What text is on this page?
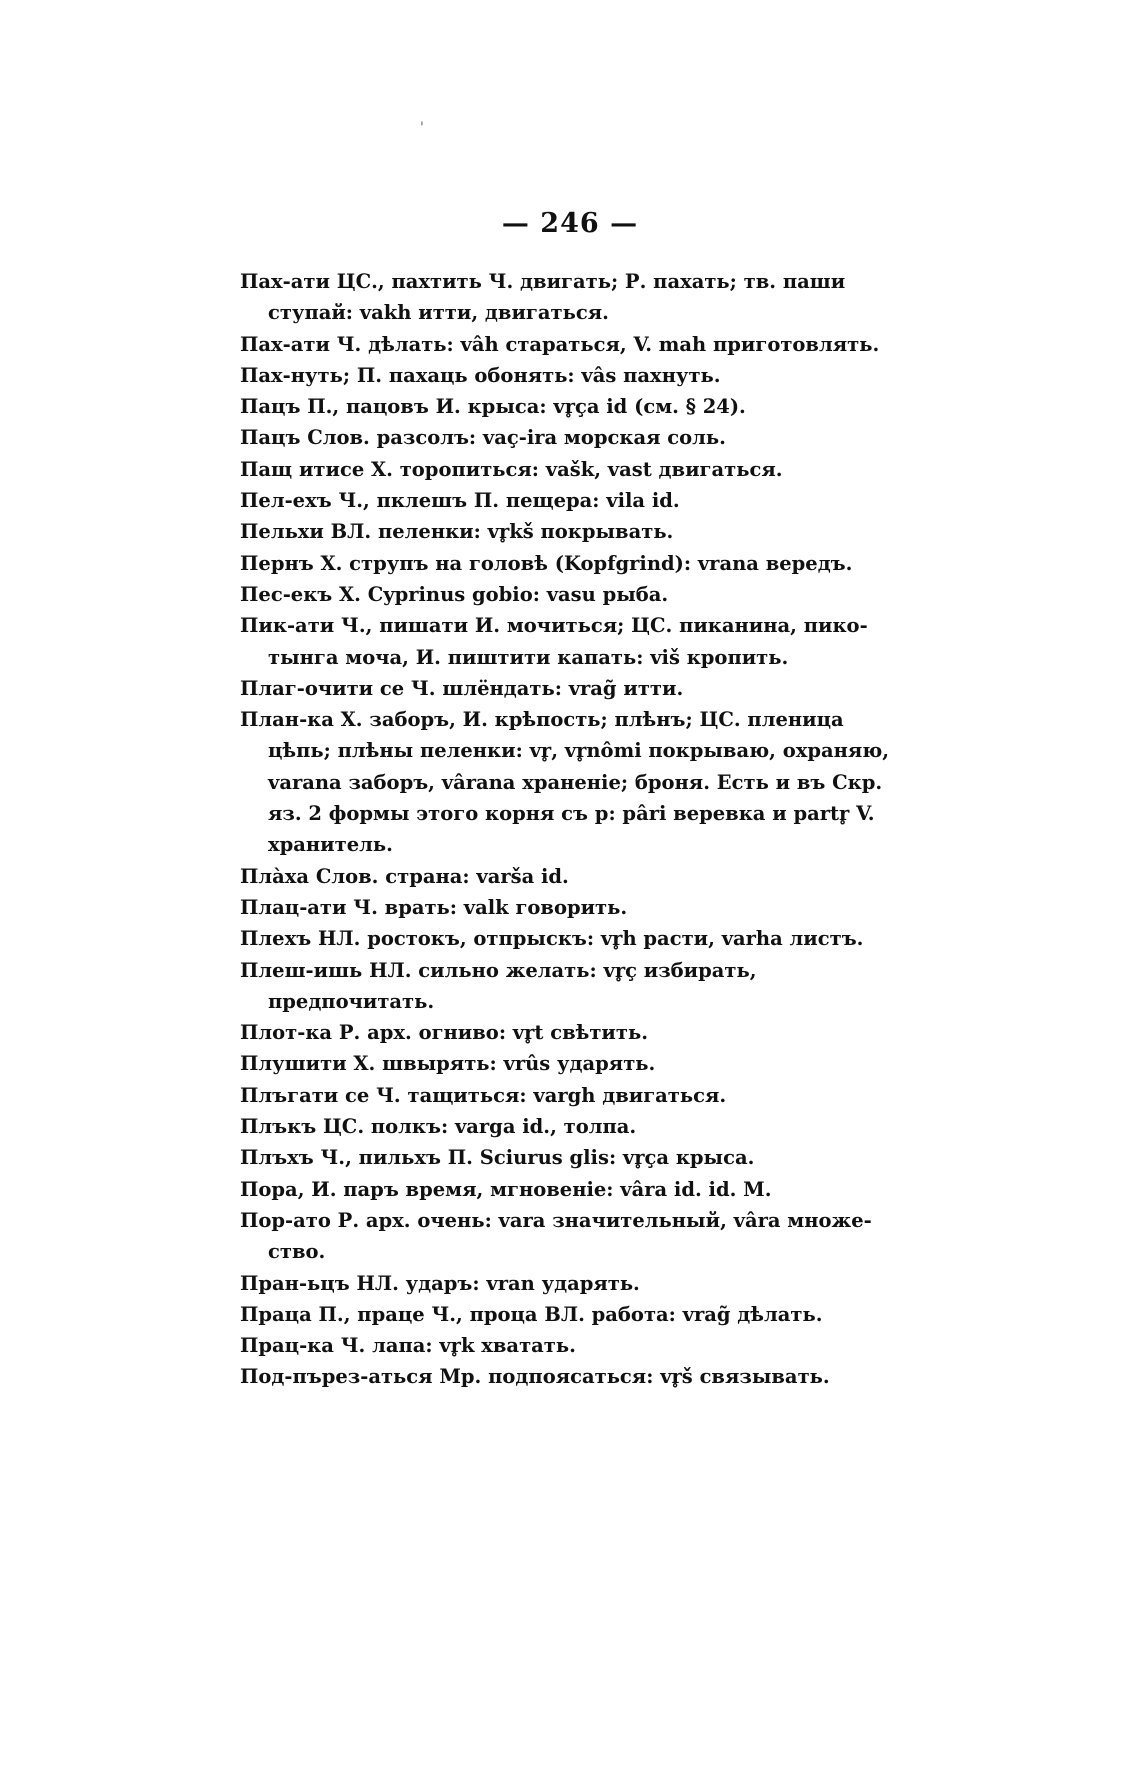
'
— 246 —

Пах-ати ЦС., пахтить Ч. двигать; Р. пахать; тв. паши
ступай: vakh итти, двигаться.

Пах-ати Ч. дѣлать: vâh стараться, V. mah приготовлять.

Пах-нуть; П. пахаць обонять: vâs пахнуть.

Пацъ П., пацовъ И. крыса: vr̥ça id (см. § 24).

Пацъ Слов. разсолъ: vaç-ira морская соль.

Пащ итисе Х. торопиться: vašk, vast двигаться.

Пел-ехъ Ч., пклешъ П. пещера: vila id.

Пельхи ВЛ. пеленки: vr̥kš покрывать.

Пернъ Х. струпъ на головѣ (Kopfgrind): vrana вередъ.

Пес-екъ Х. Cyprinus gobio: vasu рыба.

Пик-ати Ч., пишати И. мочиться; ЦС. пиканина, пико-
тынга моча, И. пиштити капать: viš кропить.

Плаг-очити се Ч. шлёндать: vrag̃ итти.

План-ка Х. заборъ, И. крѣпость; плѣнъ; ЦС. пленица
цѣпь; плѣны пеленки: vr̥, vr̥nômi покрываю, охраняю,
varana заборъ, vârana храненіе; броня. Есть и въ Скр.
яз. 2 формы этого корня съ p: pâri веревка и partr̥ V.
хранитель.

Пла̀ха Слов. страна: varša id.

Плац-ати Ч. врать: valk говорить.

Плехъ НЛ. ростокъ, отпрыскъ: vr̥h расти, varha листъ.

Плеш-ишь НЛ. сильно желать: vr̥ç избирать, предпочитать.

Плот-ка Р. арх. огниво: vr̥t свѣтить.

Плушити Х. швырять: vrûs ударять.

Плъгати се Ч. тащиться: vargh двигаться.

Плъкъ ЦС. полкъ: varga id., толпа.

Плъхъ Ч., пильхъ П. Sciurus glis: vr̥ça крыса.

Пора, И. паръ время, мгновеніе: vâra id. id. M.

Пор-ато Р. арх. очень: vara значительный, vâra множе-
ство.

Пран-ьцъ НЛ. ударъ: vran ударять.

Праца П., праце Ч., проца ВЛ. работа: vrag̃ дѣлать.

Прац-ка Ч. лапа: vr̥k хватать.

Под-пърез-аться Мр. подпоясаться: vr̥š связывать.
